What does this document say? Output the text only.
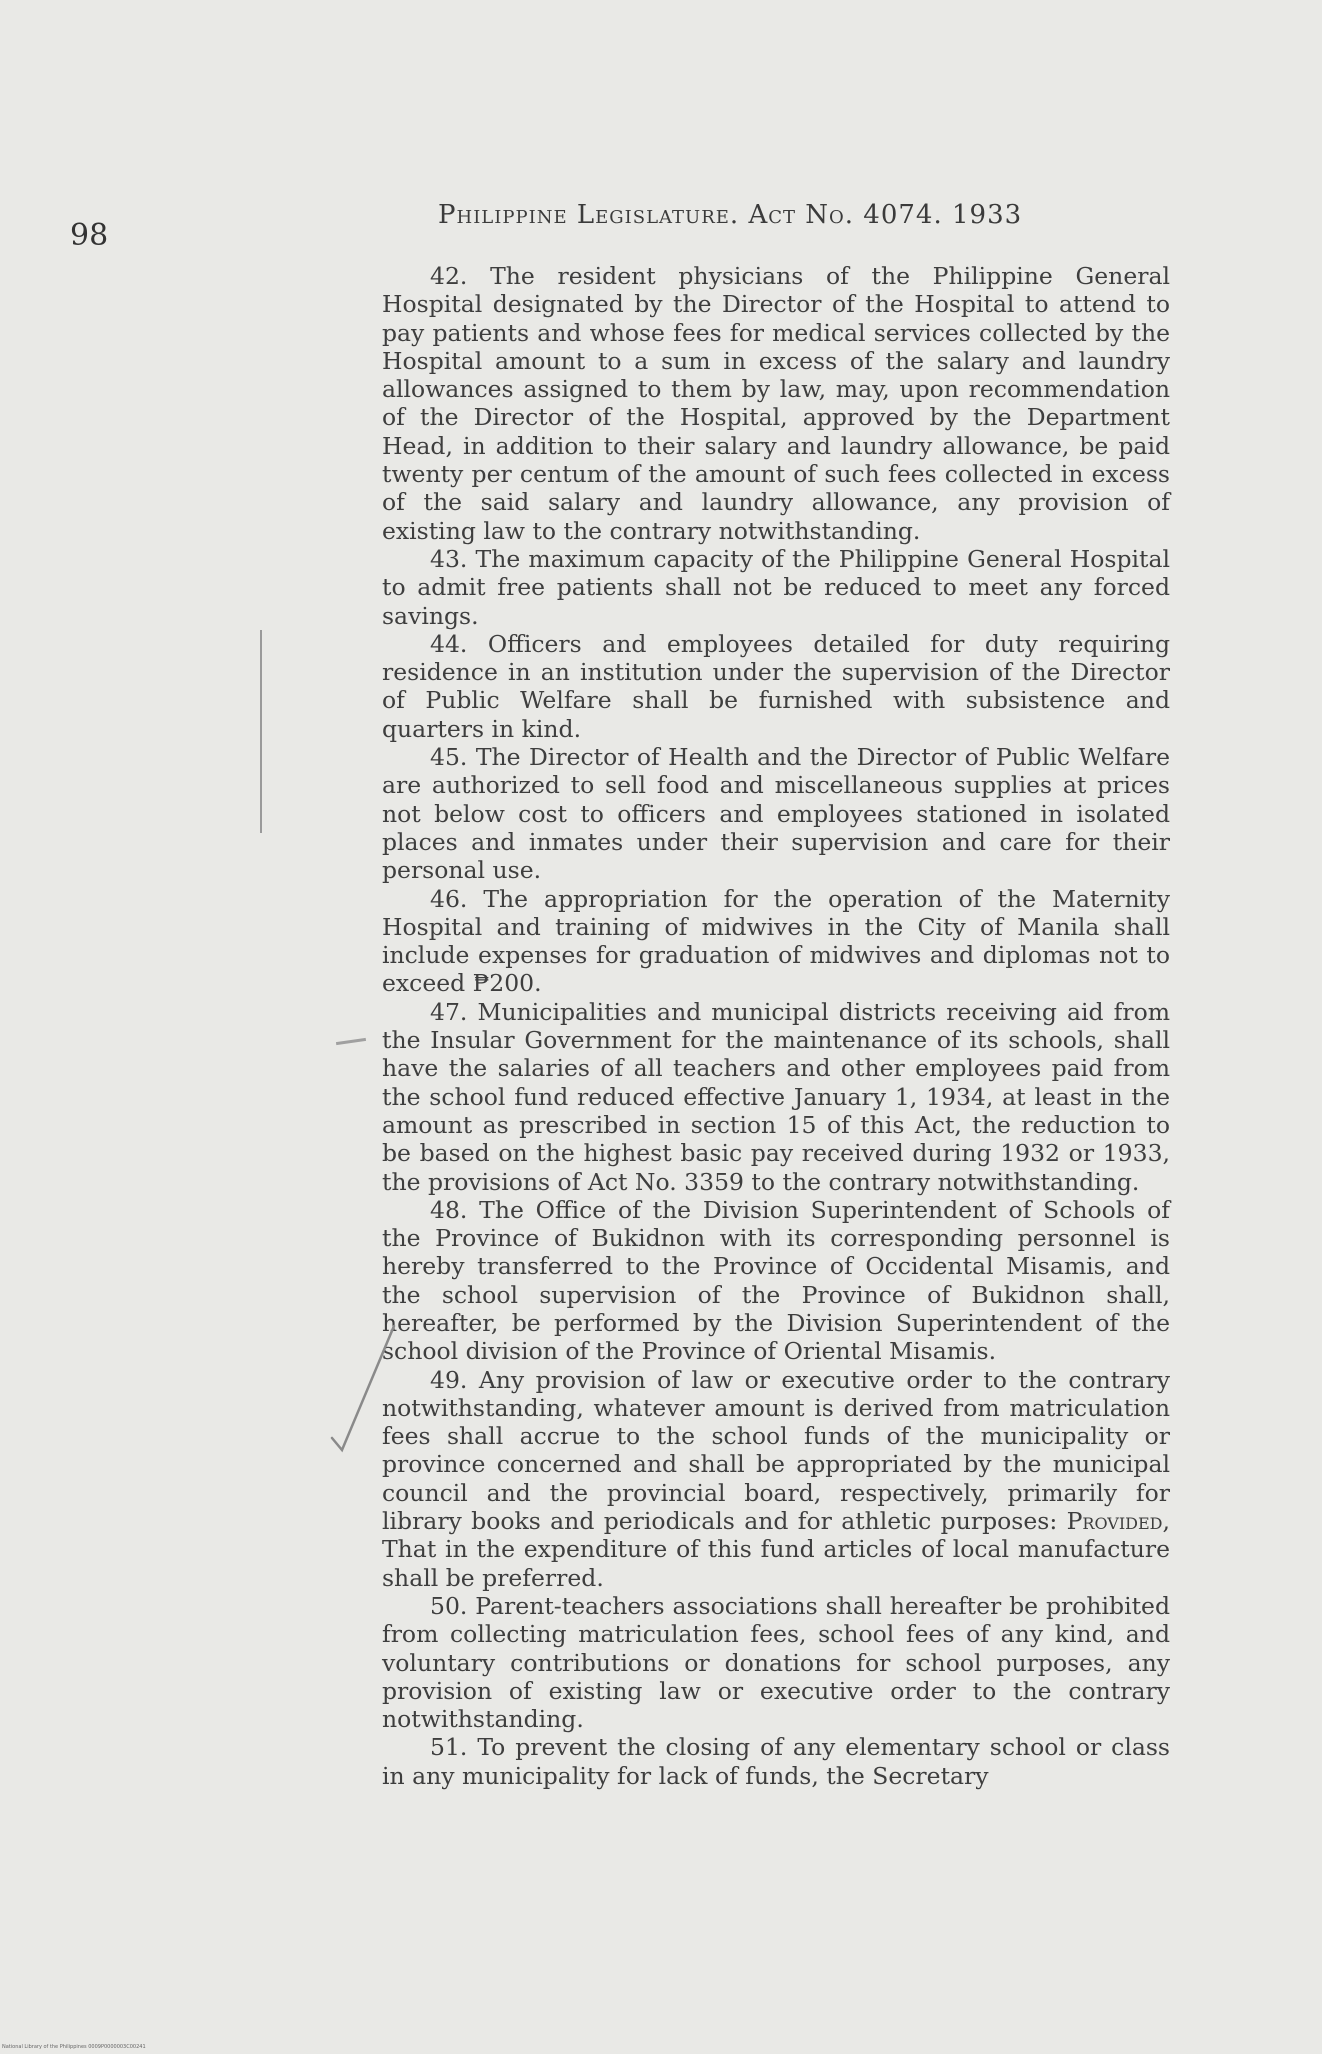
98
Philippine Legislature. Act No. 4074. 1933

42. The resident physicians of the Philippine General Hospital designated by the Director of the Hospital to attend to pay patients and whose fees for medical services collected by the Hospital amount to a sum in excess of the salary and laundry allowances assigned to them by law, may, upon recommendation of the Director of the Hospital, approved by the Department Head, in addition to their salary and laundry allowance, be paid twenty per centum of the amount of such fees collected in excess of the said salary and laundry allowance, any provision of existing law to the contrary notwithstanding.

43. The maximum capacity of the Philippine General Hospital to admit free patients shall not be reduced to meet any forced savings.

44. Officers and employees detailed for duty requiring residence in an institution under the supervision of the Director of Public Welfare shall be furnished with subsistence and quarters in kind.

45. The Director of Health and the Director of Public Welfare are authorized to sell food and miscellaneous supplies at prices not below cost to officers and employees stationed in isolated places and inmates under their supervision and care for their personal use.

46. The appropriation for the operation of the Maternity Hospital and training of midwives in the City of Manila shall include expenses for graduation of midwives and diplomas not to exceed ₱200.

47. Municipalities and municipal districts receiving aid from the Insular Government for the maintenance of its schools, shall have the salaries of all teachers and other employees paid from the school fund reduced effective January 1, 1934, at least in the amount as prescribed in section 15 of this Act, the reduction to be based on the highest basic pay received during 1932 or 1933, the provisions of Act No. 3359 to the contrary notwithstanding.

48. The Office of the Division Superintendent of Schools of the Province of Bukidnon with its corresponding personnel is hereby transferred to the Province of Occidental Misamis, and the school supervision of the Province of Bukidnon shall, hereafter, be performed by the Division Superintendent of the school division of the Province of Oriental Misamis.

49. Any provision of law or executive order to the contrary notwithstanding, whatever amount is derived from matriculation fees shall accrue to the school funds of the municipality or province concerned and shall be appropriated by the municipal council and the provincial board, respectively, primarily for library books and periodicals and for athletic purposes: Provided, That in the expenditure of this fund articles of local manufacture shall be preferred.

50. Parent-teachers associations shall hereafter be prohibited from collecting matriculation fees, school fees of any kind, and voluntary contributions or donations for school purposes, any provision of existing law or executive order to the contrary notwithstanding.

51. To prevent the closing of any elementary school or class in any municipality for lack of funds, the Secretary

National Library of the Philippines 0009P0000003C00241
